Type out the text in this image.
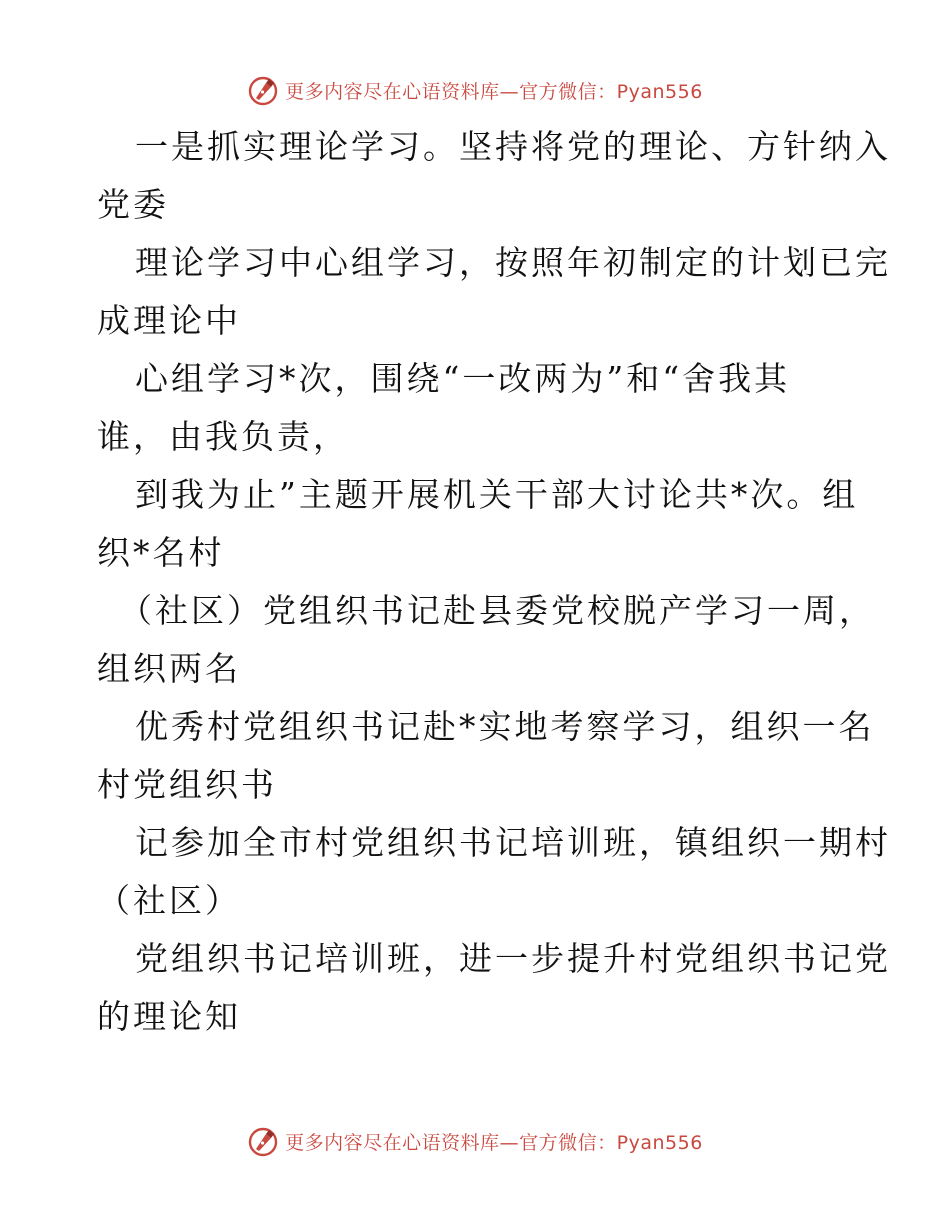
更多内容尽在心语资料库—官方微信：Pyan556
一是抓实理论学习。坚持将党的理论、方针纳入
党委
理论学习中心组学习，按照年初制定的计划已完
成理论中
心组学习*次，围绕“一改两为”和“舍我其
谁，由我负责，
到我为止”主题开展机关干部大讨论共*次。组
织*名村
（社区）党组织书记赴县委党校脱产学习一周，
组织两名
优秀村党组织书记赴*实地考察学习，组织一名
村党组织书
记参加全市村党组织书记培训班，镇组织一期村
（社区）
党组织书记培训班，进一步提升村党组织书记党
的理论知
更多内容尽在心语资料库—官方微信：Pyan556
